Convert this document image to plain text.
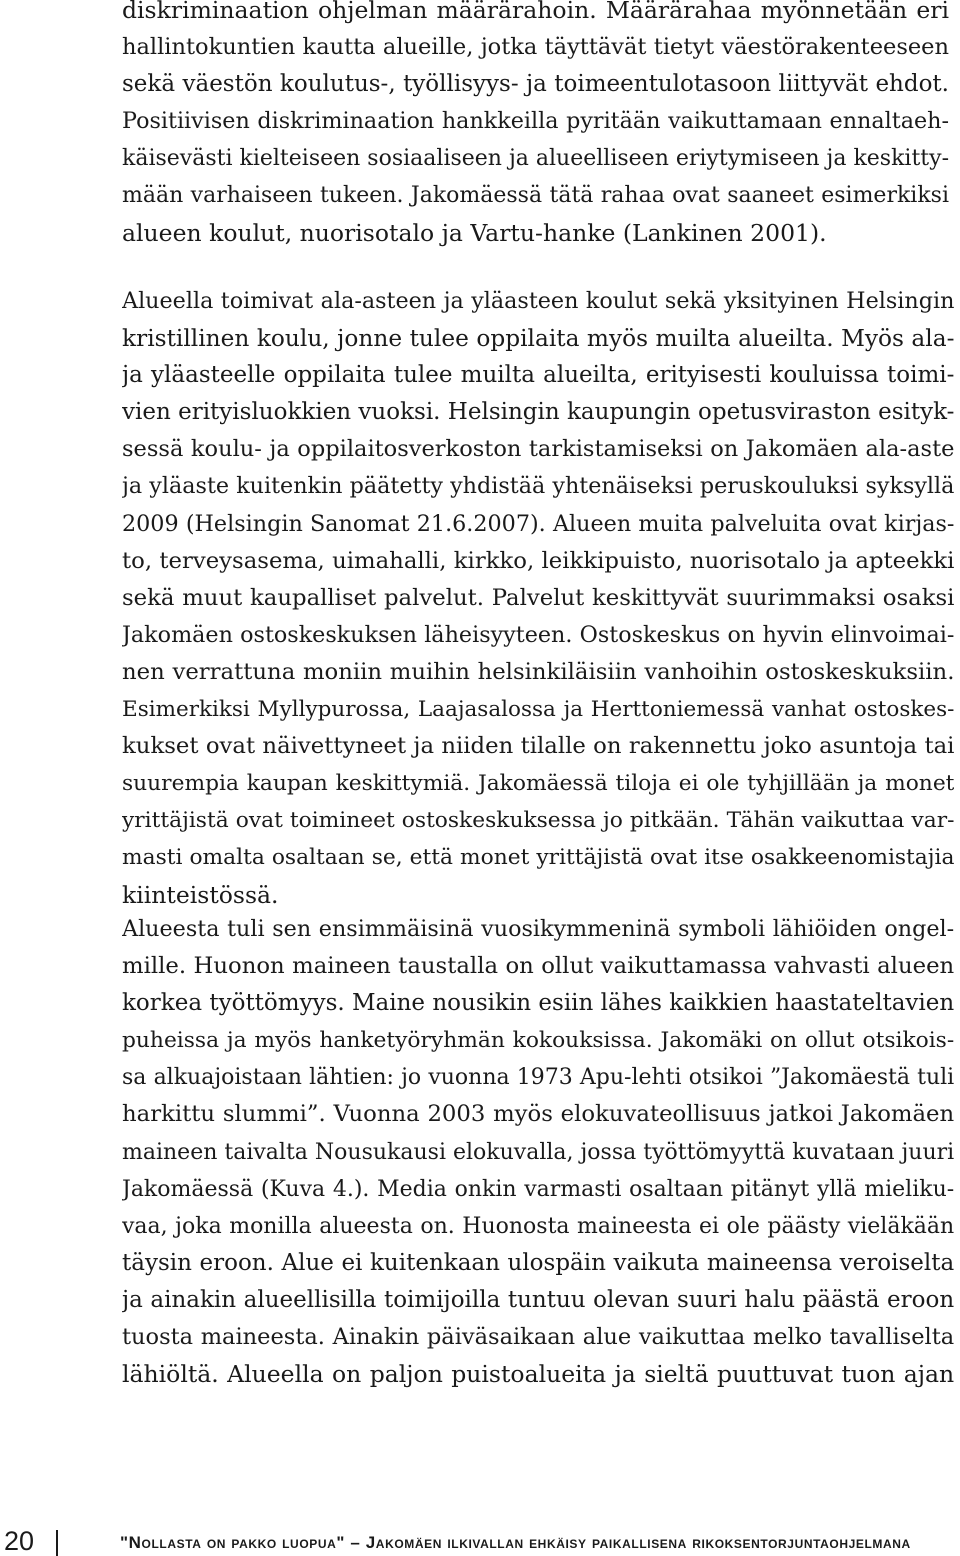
diskriminaation ohjelman määrärahoin. Määrärahaa myönnetään eri
hallintokuntien kautta alueille, jotka täyttävät tietyt väestörakenteeseen
sekä väestön koulutus-, työllisyys- ja toimeentulotasoon liittyvät ehdot.
Positiivisen diskriminaation hankkeilla pyritään vaikuttamaan ennaltaeh-
käisevästi kielteiseen sosiaaliseen ja alueelliseen eriytymiseen ja keskitty-
mään varhaiseen tukeen. Jakomäessä tätä rahaa ovat saaneet esimerkiksi
alueen koulut, nuorisotalo ja Vartu-hanke (Lankinen 2001).

Alueella toimivat ala-asteen ja yläasteen koulut sekä yksityinen Helsingin
kristillinen koulu, jonne tulee oppilaita myös muilta alueilta. Myös ala-
ja yläasteelle oppilaita tulee muilta alueilta, erityisesti kouluissa toimi-
vien erityisluokkien vuoksi. Helsingin kaupungin opetusviraston esityk-
sessä koulu- ja oppilaitosverkoston tarkistamiseksi on Jakomäen ala-aste
ja yläaste kuitenkin päätetty yhdistää yhtenäiseksi peruskouluksi syksyllä
2009 (Helsingin Sanomat 21.6.2007). Alueen muita palveluita ovat kirjas-
to, terveysasema, uimahalli, kirkko, leikkipuisto, nuorisotalo ja apteekki
sekä muut kaupalliset palvelut. Palvelut keskittyvät suurimmaksi osaksi
Jakomäen ostoskeskuksen läheisyyteen. Ostoskeskus on hyvin elinvoimai-
nen verrattuna moniin muihin helsinkiläisiin vanhoihin ostoskeskuksiin.
Esimerkiksi Myllypurossa, Laajasalossa ja Herttoniemessä vanhat ostoskes-
kukset ovat näivettyneet ja niiden tilalle on rakennettu joko asuntoja tai
suurempia kaupan keskittymiä. Jakomäessä tiloja ei ole tyhjillään ja monet
yrittäjistä ovat toimineet ostoskeskuksessa jo pitkään. Tähän vaikuttaa var-
masti omalta osaltaan se, että monet yrittäjistä ovat itse osakkeenomistajia
kiinteistössä.

Alueesta tuli sen ensimmäisinä vuosikymmeninä symboli lähiöiden ongel-
mille. Huonon maineen taustalla on ollut vaikuttamassa vahvasti alueen
korkea työttömyys. Maine nousikin esiin lähes kaikkien haastateltavien
puheissa ja myös hanketyöryhmän kokouksissa. Jakomäki on ollut otsikois-
sa alkuajoistaan lähtien: jo vuonna 1973 Apu-lehti otsikoi ”Jakomäestä tuli
harkittu slummi”. Vuonna 2003 myös elokuvateollisuus jatkoi Jakomäen
maineen taivalta Nousukausi elokuvalla, jossa työttömyyttä kuvataan juuri
Jakomäessä (Kuva 4.). Media onkin varmasti osaltaan pitänyt yllä mieliku-
vaa, joka monilla alueesta on. Huonosta maineesta ei ole päästy vieläkään
täysin eroon. Alue ei kuitenkaan ulospäin vaikuta maineensa veroiselta
ja ainakin alueellisilla toimijoilla tuntuu olevan suuri halu päästä eroon
tuosta maineesta. Ainakin päiväsaikaan alue vaikuttaa melko tavalliselta
lähiöltä. Alueella on paljon puistoalueita ja sieltä puuttuvat tuon ajan

20	"Nollasta on pakko luopua" – Jakomäen ilkivallan ehkäisy paikallisena rikoksentorjuntaohjelmana
